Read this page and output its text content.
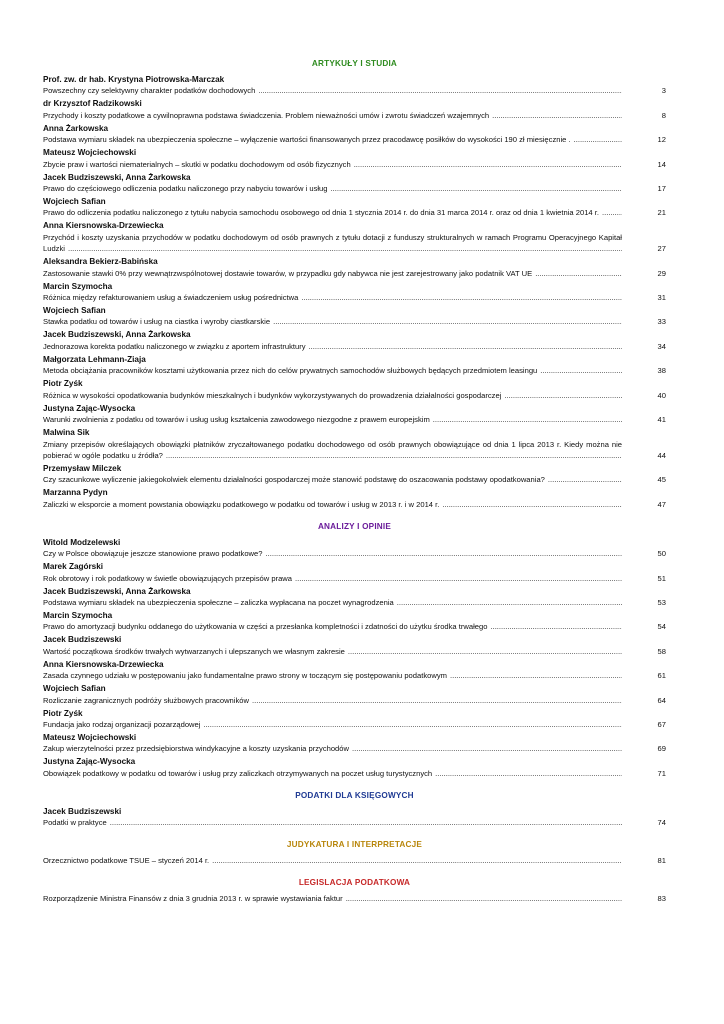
ARTYKUŁY I STUDIA
Prof. zw. dr hab. Krystyna Piotrowska-Marczak
Powszechny czy selektywny charakter podatków dochodowych .....	3
dr Krzysztof Radzikowski
Przychody i koszty podatkowe a cywilnoprawna podstawa świadczenia. Problem nieważności umów i zwrotu świadczeń wzajemnych .....	8
Anna Żarkowska
Podstawa wymiaru składek na ubezpieczenia społeczne – wyłączenie wartości finansowanych przez pracodawcę posiłków do wysokości 190 zł miesięcznie . .....	12
Mateusz Wojciechowski
Zbycie praw i wartości niematerialnych – skutki w podatku dochodowym od osób fizycznych .....	14
Jacek Budziszewski, Anna Żarkowska
Prawo do częściowego odliczenia podatku naliczonego przy nabyciu towarów i usług .....	17
Wojciech Safian
Prawo do odliczenia podatku naliczonego z tytułu nabycia samochodu osobowego od dnia 1 stycznia 2014 r. do dnia 31 marca 2014 r. oraz od dnia 1 kwietnia 2014 r. .....	21
Anna Kiersnowska-Drzewiecka
Przychód i koszty uzyskania przychodów w podatku dochodowym od osób prawnych z tytułu dotacji z funduszy strukturalnych w ramach Programu Operacyjnego Kapitał Ludzki .....	27
Aleksandra Bekierz-Babińska
Zastosowanie stawki 0% przy wewnątrzwspólnotowej dostawie towarów, w przypadku gdy nabywca nie jest zarejestrowany jako podatnik VAT UE .....	29
Marcin Szymocha
Różnica między refakturowaniem usług a świadczeniem usług pośrednictwa .....	31
Wojciech Safian
Stawka podatku od towarów i usług na ciastka i wyroby ciastkarskie .....	33
Jacek Budziszewski, Anna Żarkowska
Jednorazowa korekta podatku naliczonego w związku z aportem infrastruktury .....	34
Małgorzata Lehmann-Ziaja
Metoda obciążania pracowników kosztami użytkowania przez nich do celów prywatnych samochodów służbowych będących przedmiotem leasingu .....	38
Piotr Zyśk
Różnica w wysokości opodatkowania budynków mieszkalnych i budynków wykorzystywanych do prowadzenia działalności gospodarczej .....	40
Justyna Zając-Wysocka
Warunki zwolnienia z podatku od towarów i usług usług kształcenia zawodowego niezgodne z prawem europejskim .....	41
Malwina Sik
Zmiany przepisów określających obowiązki płatników zryczałtowanego podatku dochodowego od osób prawnych obowiązujące od dnia 1 lipca 2013 r. Kiedy można nie pobierać w ogóle podatku u źródła? .....	44
Przemysław Milczek
Czy szacunkowe wyliczenie jakiegokolwiek elementu działalności gospodarczej może stanowić podstawę do oszacowania podstawy opodatkowania? .....	45
Marzanna Pydyn
Zaliczki w eksporcie a moment powstania obowiązku podatkowego w podatku od towarów i usług w 2013 r. i w 2014 r. .....	47
ANALIZY I OPINIE
Witold Modzelewski
Czy w Polsce obowiązuje jeszcze stanowione prawo podatkowe? .....	50
Marek Zagórski
Rok obrotowy i rok podatkowy w świetle obowiązujących przepisów prawa .....	51
Jacek Budziszewski, Anna Żarkowska
Podstawa wymiaru składek na ubezpieczenia społeczne – zaliczka wypłacana na poczet wynagrodzenia .....	53
Marcin Szymocha
Prawo do amortyzacji budynku oddanego do użytkowania w części a przesłanka kompletności i zdatności do użytku środka trwałego .....	54
Jacek Budziszewski
Wartość początkowa środków trwałych wytwarzanych i ulepszanych we własnym zakresie .....	58
Anna Kiersnowska-Drzewiecka
Zasada czynnego udziału w postępowaniu jako fundamentalne prawo strony w toczącym się postępowaniu podatkowym .....	61
Wojciech Safian
Rozliczanie zagranicznych podróży służbowych pracowników .....	64
Piotr Zyśk
Fundacja jako rodzaj organizacji pozarządowej .....	67
Mateusz Wojciechowski
Zakup wierzytelności przez przedsiębiorstwa windykacyjne a koszty uzyskania przychodów .....	69
Justyna Zając-Wysocka
Obowiązek podatkowy w podatku od towarów i usług przy zaliczkach otrzymywanych na poczet usług turystycznych .....	71
PODATKI DLA KSIĘGOWYCH
Jacek Budziszewski
Podatki w praktyce .....	74
JUDYKATURA I INTERPRETACJE
Orzecznictwo podatkowe TSUE – styczeń 2014 r. .....	81
LEGISLACJA PODATKOWA
Rozporządzenie Ministra Finansów z dnia 3 grudnia 2013 r. w sprawie wystawiania faktur .....	83
